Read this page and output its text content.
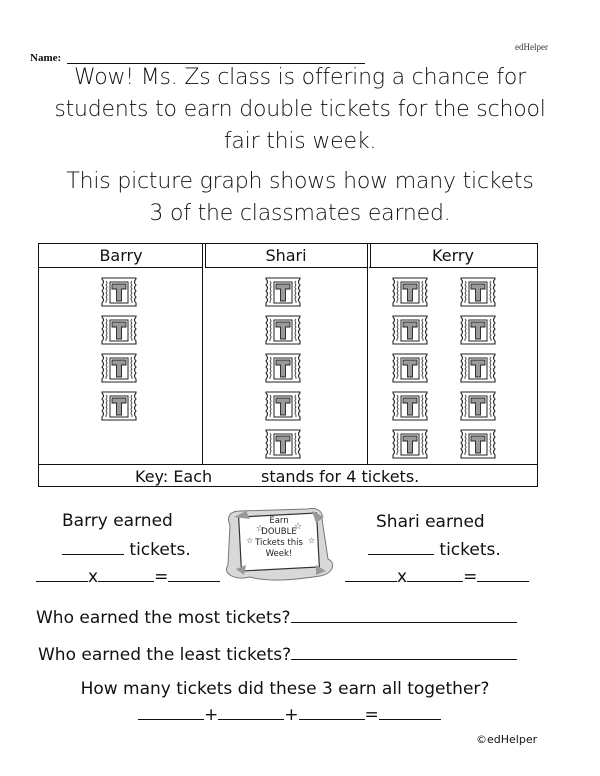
edHelper
Name:

Wow! Ms. Zs class is offering a chance for

students to earn double tickets for the school

fair this week.

This picture graph shows how many tickets

3 of the classmates earned.

Barry	Shari	Kerry
Key: Each	stands for 4 tickets.
Barry earned
tickets.
x	=
☆	☆
☆	☆
Earn
DOUBLE
Tickets this
Week!
Shari earned
tickets.
x	=
Who earned the most tickets?
Who earned the least tickets?
How many tickets did these 3 earn all together?
+	+	=
©edHelper
